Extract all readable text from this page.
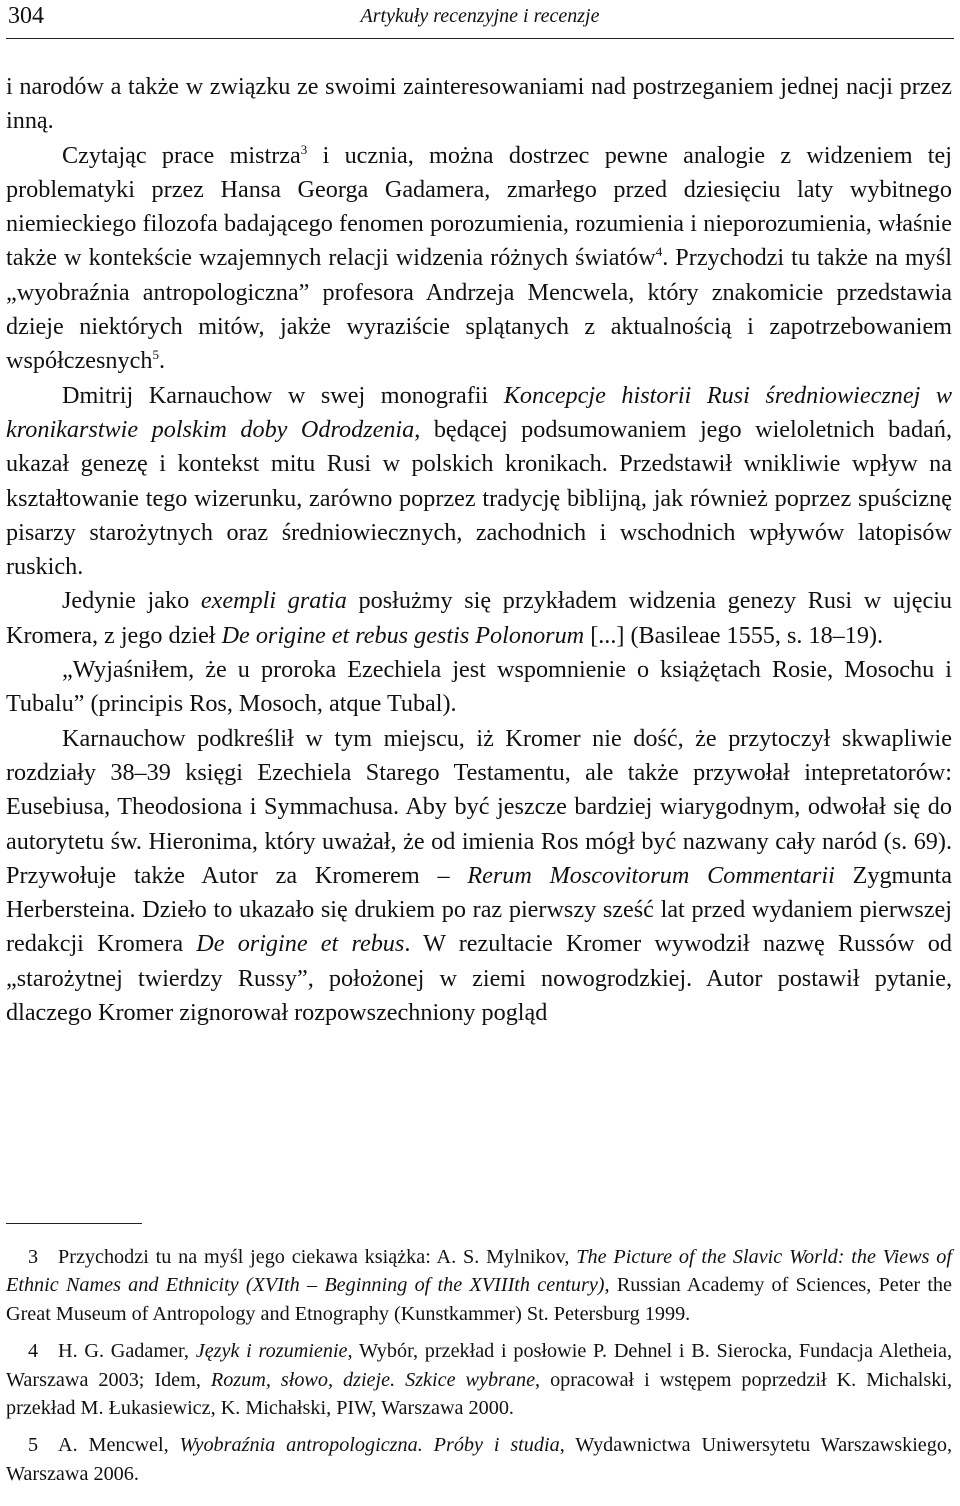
304	Artykuły recenzyjne i recenzje

i narodów a także w związku ze swoimi zainteresowaniami nad postrzeganiem jednej nacji przez inną.

Czytając prace mistrza$^3$ i ucznia, można dostrzec pewne analogie z widzeniem tej problematyki przez Hansa Georga Gadamera, zmarłego przed dziesięciu laty wybitnego niemieckiego filozofa badającego fenomen porozumienia, rozumienia i nieporozumienia, właśnie także w kontekście wzajemnych relacji widzenia różnych światów$^4$. Przychodzi tu także na myśl „wyobraźnia antropologiczna” profesora Andrzeja Mencwela, który znakomicie przedstawia dzieje niektórych mitów, jakże wyraziście splątanych z aktualnością i zapotrzebowaniem współczesnych$^5$.

Dmitrij Karnauchow w swej monografii Koncepcje historii Rusi średniowiecznej w kronikarstwie polskim doby Odrodzenia, będącej podsumowaniem jego wieloletnich badań, ukazał genezę i kontekst mitu Rusi w polskich kronikach. Przedstawił wnikliwie wpływ na kształtowanie tego wizerunku, zarówno poprzez tradycję biblijną, jak również poprzez spuściznę pisarzy starożytnych oraz średniowiecznych, zachodnich i wschodnich wpływów latopisów ruskich.

Jedynie jako exempli gratia posłużmy się przykładem widzenia genezy Rusi w ujęciu Kromera, z jego dzieł De origine et rebus gestis Polonorum [...] (Basileae 1555, s. 18–19).

„Wyjaśniłem, że u proroka Ezechiela jest wspomnienie o książętach Rosie, Mosochu i Tubalu” (principis Ros, Mosoch, atque Tubal).

Karnauchow podkreślił w tym miejscu, iż Kromer nie dość, że przytoczył skwapliwie rozdziały 38–39 księgi Ezechiela Starego Testamentu, ale także przywołał intepretatorów: Eusebiusa, Theodosiona i Symmachusa. Aby być jeszcze bardziej wiarygodnym, odwołał się do autorytetu św. Hieronima, który uważał, że od imienia Ros mógł być nazwany cały naród (s. 69). Przywołuje także Autor za Kromerem – Rerum Moscovitorum Commentarii Zygmunta Herbersteina. Dzieło to ukazało się drukiem po raz pierwszy sześć lat przed wydaniem pierwszej redakcji Kromera De origine et rebus. W rezultacie Kromer wywodził nazwę Russów od „starożytnej twierdzy Russy”, położonej w ziemi nowogrodzkiej. Autor postawił pytanie, dlaczego Kromer zignorował rozpowszechniony pogląd

3 Przychodzi tu na myśl jego ciekawa książka: A. S. Mylnikov, The Picture of the Slavic World: the Views of Ethnic Names and Ethnicity (XVIth – Beginning of the XVIIIth century), Russian Academy of Sciences, Peter the Great Museum of Antropology and Etnography (Kunstkammer) St. Petersburg 1999.

4 H. G. Gadamer, Język i rozumienie, Wybór, przekład i posłowie P. Dehnel i B. Sierocka, Fundacja Aletheia, Warszawa 2003; Idem, Rozum, słowo, dzieje. Szkice wybrane, opracował i wstępem poprzedził K. Michalski, przekład M. Łukasiewicz, K. Michałski, PIW, Warszawa 2000.

5 A. Mencwel, Wyobraźnia antropologiczna. Próby i studia, Wydawnictwa Uniwersytetu Warszawskiego, Warszawa 2006.
